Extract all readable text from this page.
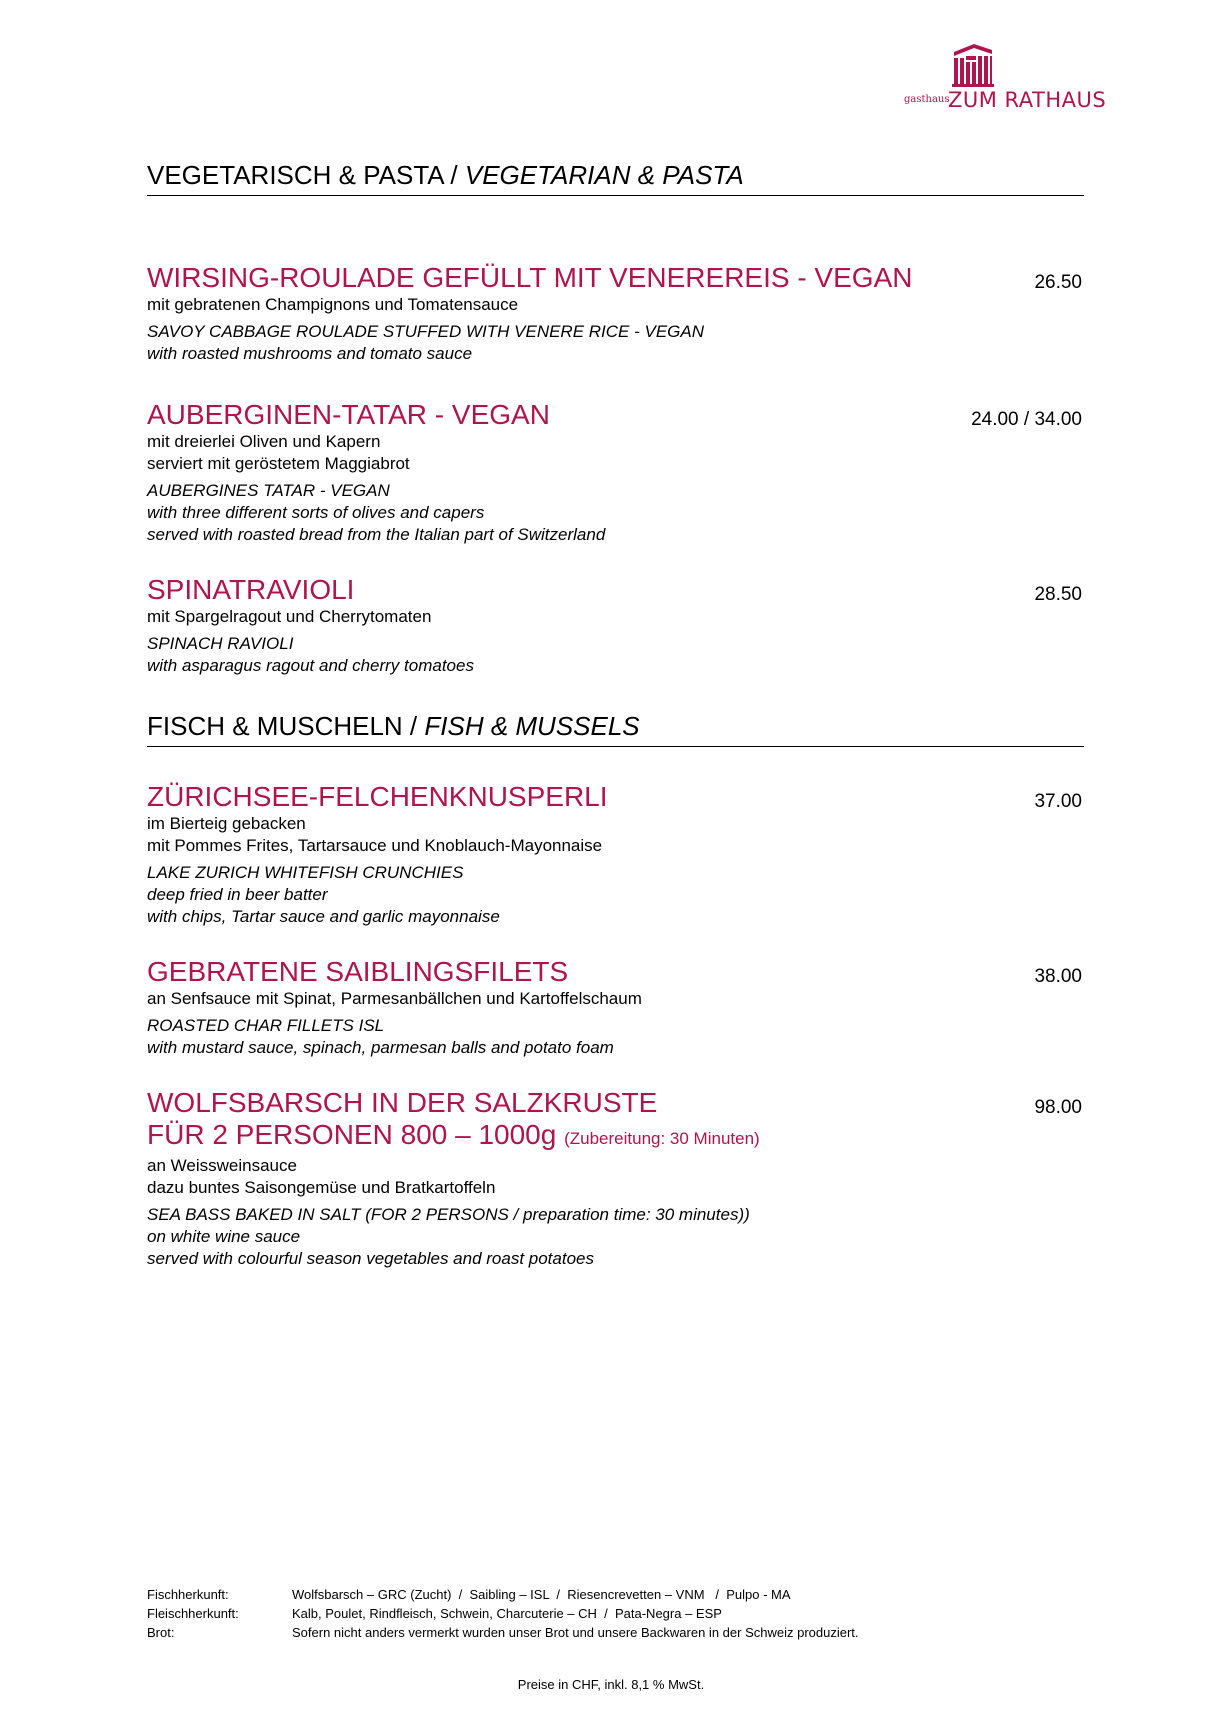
gasthaus
ZUM RATHAUS
VEGETARISCH & PASTA / VEGETARIAN & PASTA
WIRSING-ROULADE GEFÜLLT MIT VENEREREIS - VEGAN	26.50
mit gebratenen Champignons und Tomatensauce
SAVOY CABBAGE ROULADE STUFFED WITH VENERE RICE - VEGAN
with roasted mushrooms and tomato sauce
AUBERGINEN-TATAR - VEGAN	24.00 / 34.00
mit dreierlei Oliven und Kapern
serviert mit geröstetem Maggiabrot
AUBERGINES TATAR - VEGAN
with three different sorts of olives and capers
served with roasted bread from the Italian part of Switzerland
SPINATRAVIOLI	28.50
mit Spargelragout und Cherrytomaten
SPINACH RAVIOLI
with asparagus ragout and cherry tomatoes
FISCH & MUSCHELN / FISH & MUSSELS
ZÜRICHSEE-FELCHENKNUSPERLI	37.00
im Bierteig gebacken
mit Pommes Frites, Tartarsauce und Knoblauch-Mayonnaise
LAKE ZURICH WHITEFISH CRUNCHIES
deep fried in beer batter
with chips, Tartar sauce and garlic mayonnaise
GEBRATENE SAIBLINGSFILETS	38.00
an Senfsauce mit Spinat, Parmesanbällchen und Kartoffelschaum
ROASTED CHAR FILLETS ISL
with mustard sauce, spinach, parmesan balls and potato foam
WOLFSBARSCH IN DER SALZKRUSTE
FÜR 2 PERSONEN 800 – 1000g (Zubereitung: 30 Minuten)
98.00
an Weissweinsauce
dazu buntes Saisongemüse und Bratkartoffeln
SEA BASS BAKED IN SALT (FOR 2 PERSONS / preparation time: 30 minutes))
on white wine sauce
served with colourful season vegetables and roast potatoes
Fischherkunft:	Wolfsbarsch – GRC (Zucht)  /  Saibling – ISL  /  Riesencrevetten – VNM   /  Pulpo - MA
Fleischherkunft:	Kalb, Poulet, Rindfleisch, Schwein, Charcuterie – CH  /  Pata-Negra – ESP
Brot:	Sofern nicht anders vermerkt wurden unser Brot und unsere Backwaren in der Schweiz produziert.
Preise in CHF, inkl. 8,1 % MwSt.
